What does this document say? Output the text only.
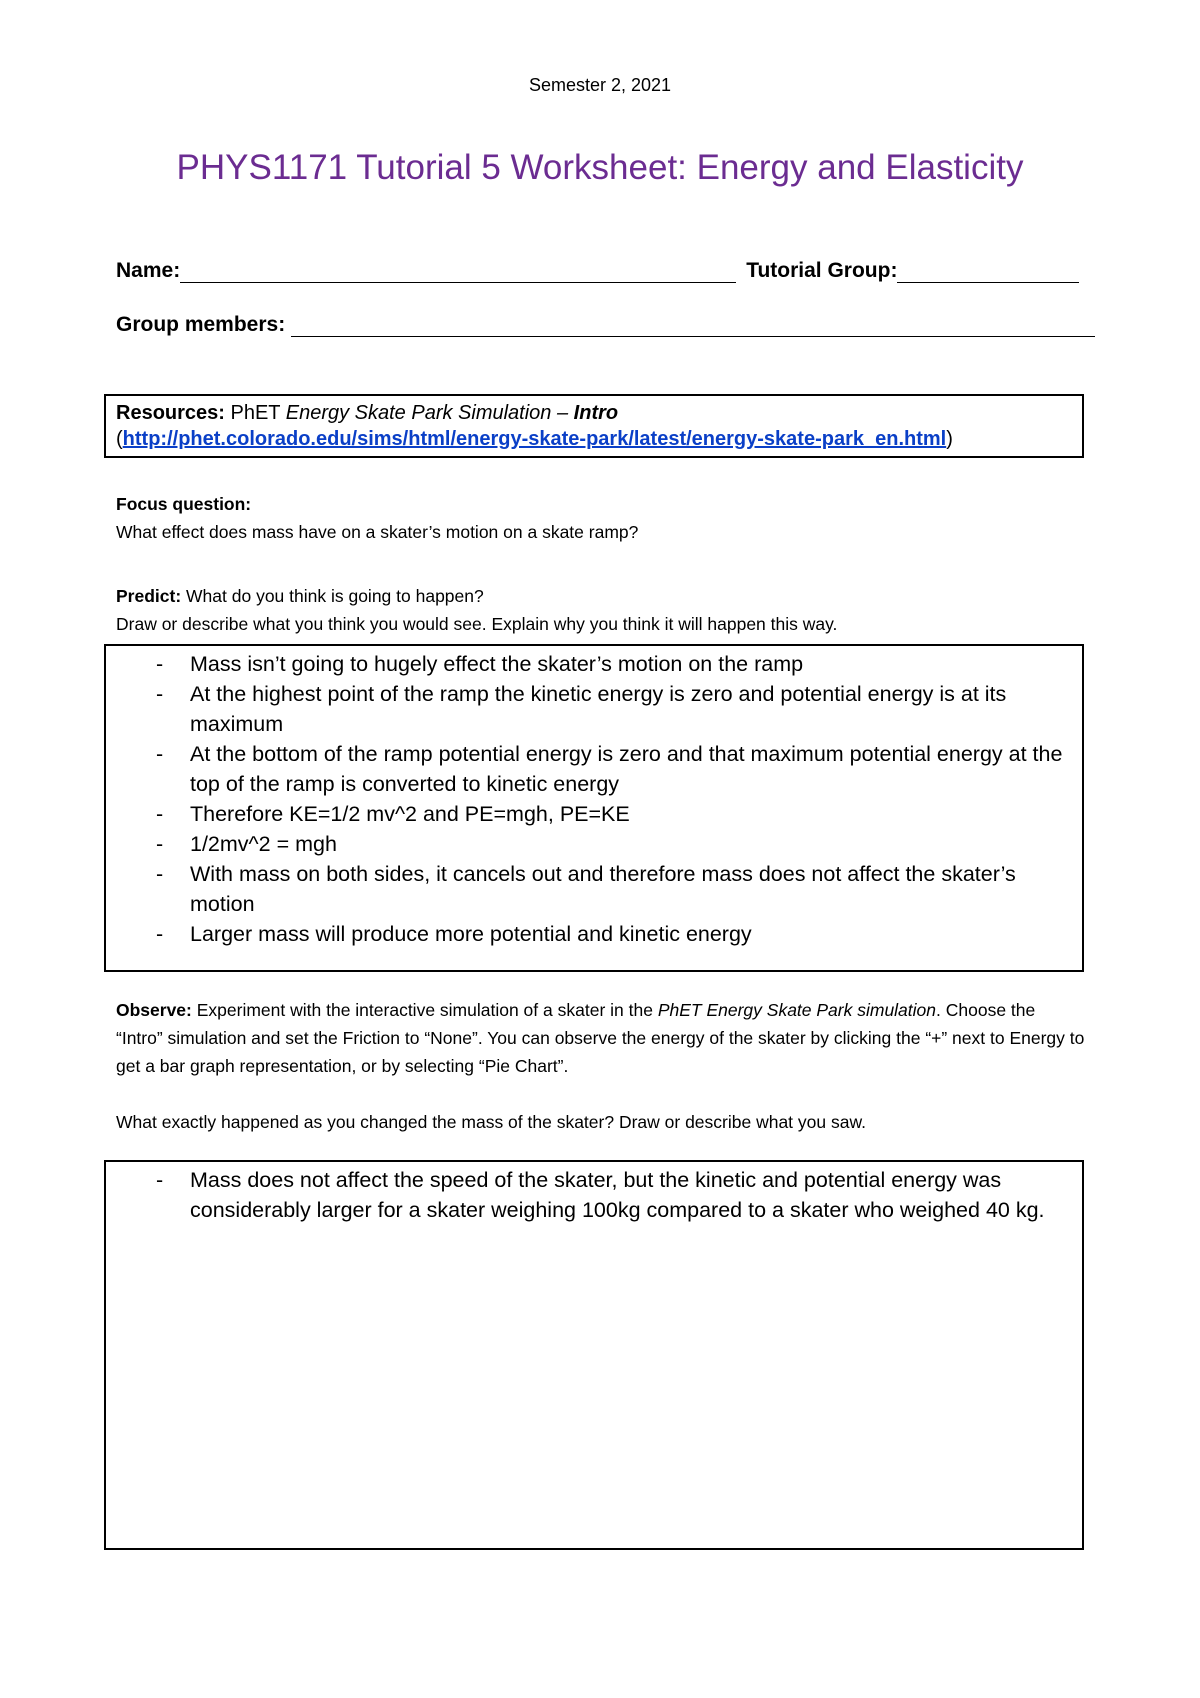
Semester 2, 2021
PHYS1171 Tutorial 5 Worksheet: Energy and Elasticity
Name:	Tutorial Group:
Group members:
Resources: PhET Energy Skate Park Simulation – Intro
(http://phet.colorado.edu/sims/html/energy-skate-park/latest/energy-skate-park_en.html)
Focus question:
What effect does mass have on a skater’s motion on a skate ramp?
Predict: What do you think is going to happen?
Draw or describe what you think you would see. Explain why you think it will happen this way.
- Mass isn’t going to hugely effect the skater’s motion on the ramp
- At the highest point of the ramp the kinetic energy is zero and potential energy is at its maximum
- At the bottom of the ramp potential energy is zero and that maximum potential energy at the top of the ramp is converted to kinetic energy
- Therefore KE=1/2 mv^2 and PE=mgh, PE=KE
- 1/2mv^2 = mgh
- With mass on both sides, it cancels out and therefore mass does not affect the skater’s motion
- Larger mass will produce more potential and kinetic energy
Observe: Experiment with the interactive simulation of a skater in the PhET Energy Skate Park simulation. Choose the “Intro” simulation and set the Friction to “None”. You can observe the energy of the skater by clicking the “+” next to Energy to get a bar graph representation, or by selecting “Pie Chart”.
What exactly happened as you changed the mass of the skater? Draw or describe what you saw.
- Mass does not affect the speed of the skater, but the kinetic and potential energy was considerably larger for a skater weighing 100kg compared to a skater who weighed 40 kg.
